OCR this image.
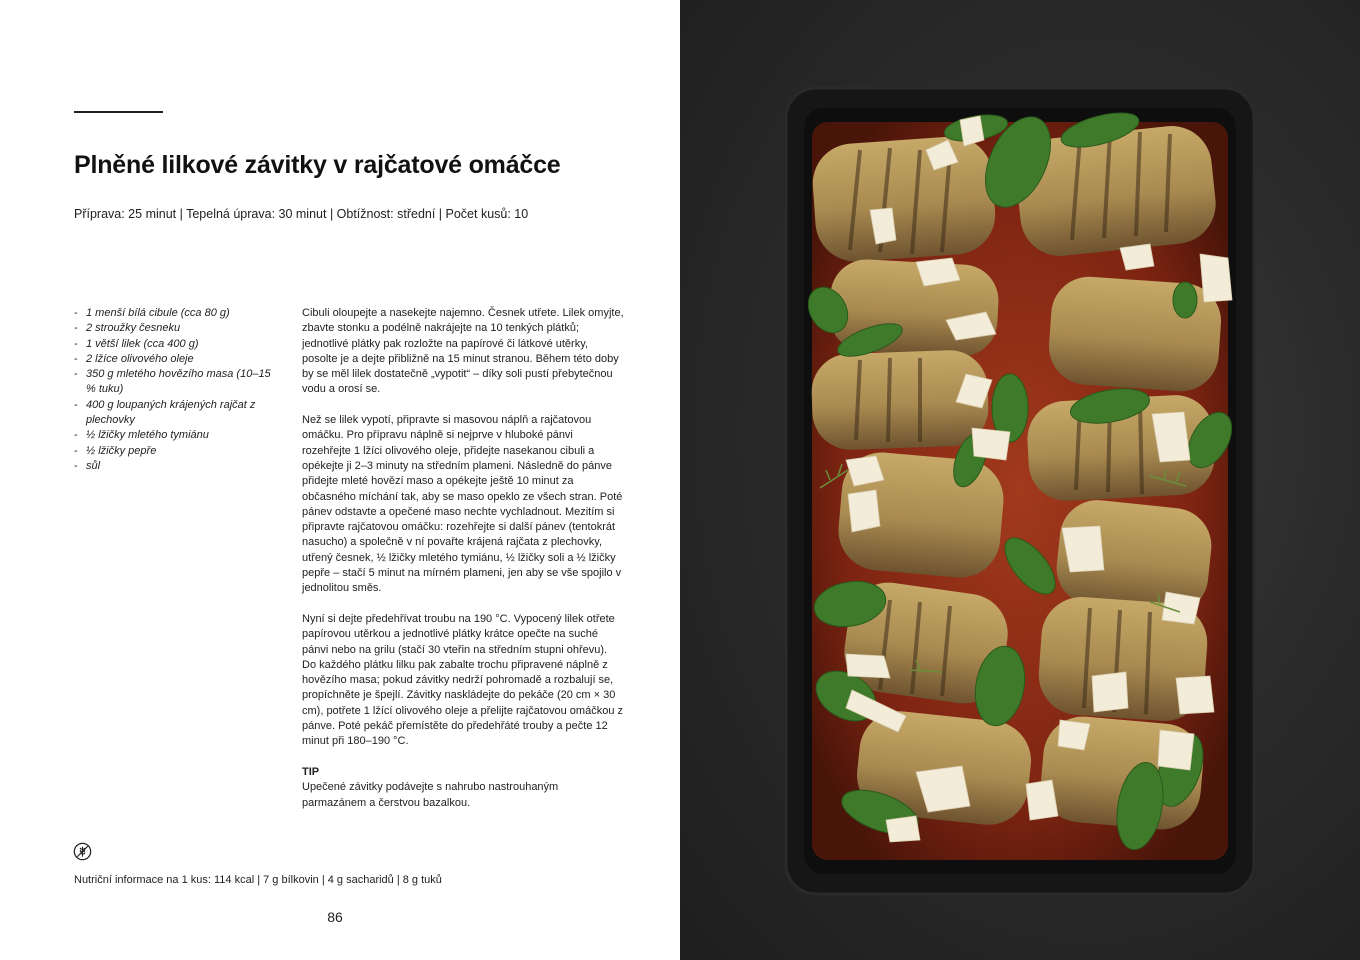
Plněné lilkové závitky v rajčatové omáčce
Příprava: 25 minut | Tepelná úprava: 30 minut | Obtížnost: střední | Počet kusů: 10
- 1 menší bílá cibule (cca 80 g)
- 2 stroužky česneku
- 1 větší lilek (cca 400 g)
- 2 lžíce olivového oleje
- 350 g mletého hovězího masa (10–15 % tuku)
- 400 g loupaných krájených rajčat z plechovky
- ½ lžičky mletého tymiánu
- ½ lžičky pepře
- sůl

Cibuli oloupejte a nasekejte najemno. Česnek utřete. Lilek omyjte, zbavte stonku a podélně nakrájejte na 10 tenkých plátků; jednotlivé plátky pak rozložte na papírové či látkové utěrky, posolte je a dejte přibližně na 15 minut stranou. Během této doby by se měl lilek dostatečně „vypotit“ – díky soli pustí přebytečnou vodu a orosí se.

Než se lilek vypotí, připravte si masovou náplň a rajčatovou omáčku. Pro přípravu náplně si nejprve v hluboké pánvi rozehřejte 1 lžíci olivového oleje, přidejte nasekanou cibuli a opékejte ji 2–3 minuty na středním plameni. Následně do pánve přidejte mleté hovězí maso a opékejte ještě 10 minut za občasného míchání tak, aby se maso opeklo ze všech stran. Poté pánev odstavte a opečené maso nechte vychladnout. Mezitím si připravte rajčatovou omáčku: rozehřejte si další pánev (tentokrát nasucho) a společně v ní povařte krájená rajčata z plechovky, utřený česnek, ½ lžičky mletého tymiánu, ½ lžičky soli a ½ lžičky pepře – stačí 5 minut na mírném plameni, jen aby se vše spojilo v jednolitou směs.

Nyní si dejte předehřívat troubu na 190 °C. Vypocený lilek otřete papírovou utěrkou a jednotlivé plátky krátce opečte na suché pánvi nebo na grilu (stačí 30 vteřin na středním stupni ohřevu). Do každého plátku lilku pak zabalte trochu připravené náplně z hovězího masa; pokud závitky nedrží pohromadě a rozbalují se, propíchněte je špejlí. Závitky naskládejte do pekáče (20 cm × 30 cm), potřete 1 lžící olivového oleje a přelijte rajčatovou omáčkou z pánve. Poté pekáč přemístěte do předehřáté trouby a pečte 12 minut při 180–190 °C.

TIP
Upečené závitky podávejte s nahrubo nastrouhaným parmazánem a čerstvou bazalkou.
Nutriční informace na 1 kus: 114 kcal | 7 g bílkovin | 4 g sacharidů | 8 g tuků
86
